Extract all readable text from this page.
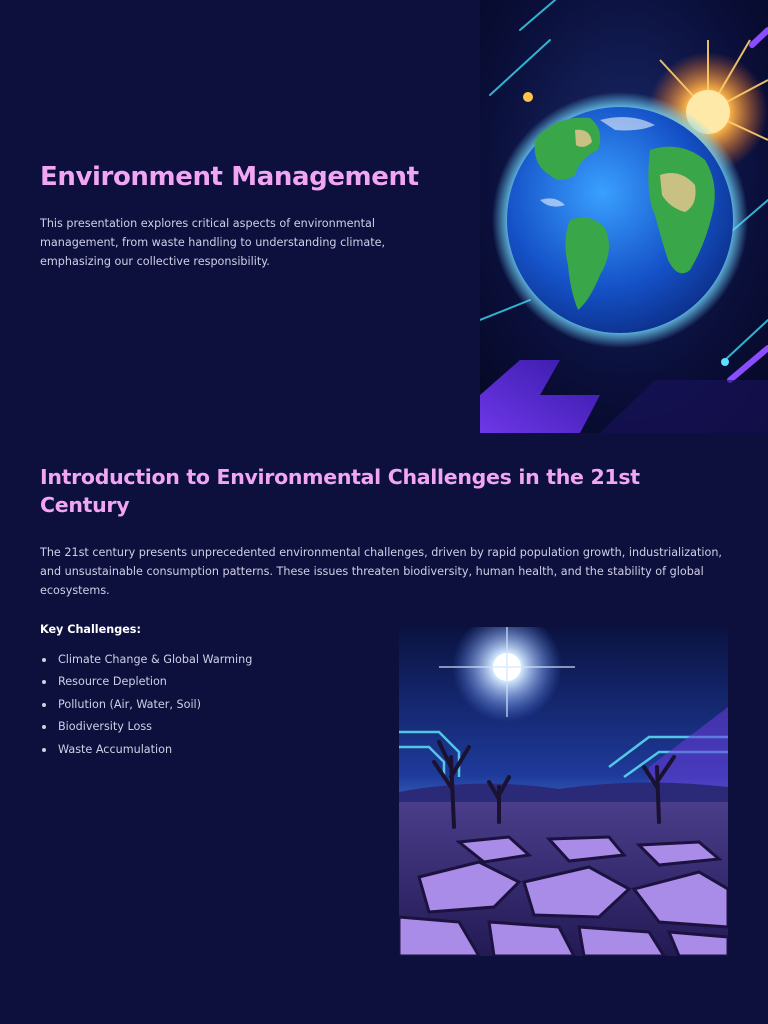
Environment Management

This presentation explores critical aspects of environmental management, from waste handling to understanding climate, emphasizing our collective responsibility.

Introduction to Environmental Challenges in the 21st Century

The 21st century presents unprecedented environmental challenges, driven by rapid population growth, industrialization, and unsustainable consumption patterns. These issues threaten biodiversity, human health, and the stability of global ecosystems.

Key Challenges:

Climate Change & Global Warming
Resource Depletion
Pollution (Air, Water, Soil)
Biodiversity Loss
Waste Accumulation
